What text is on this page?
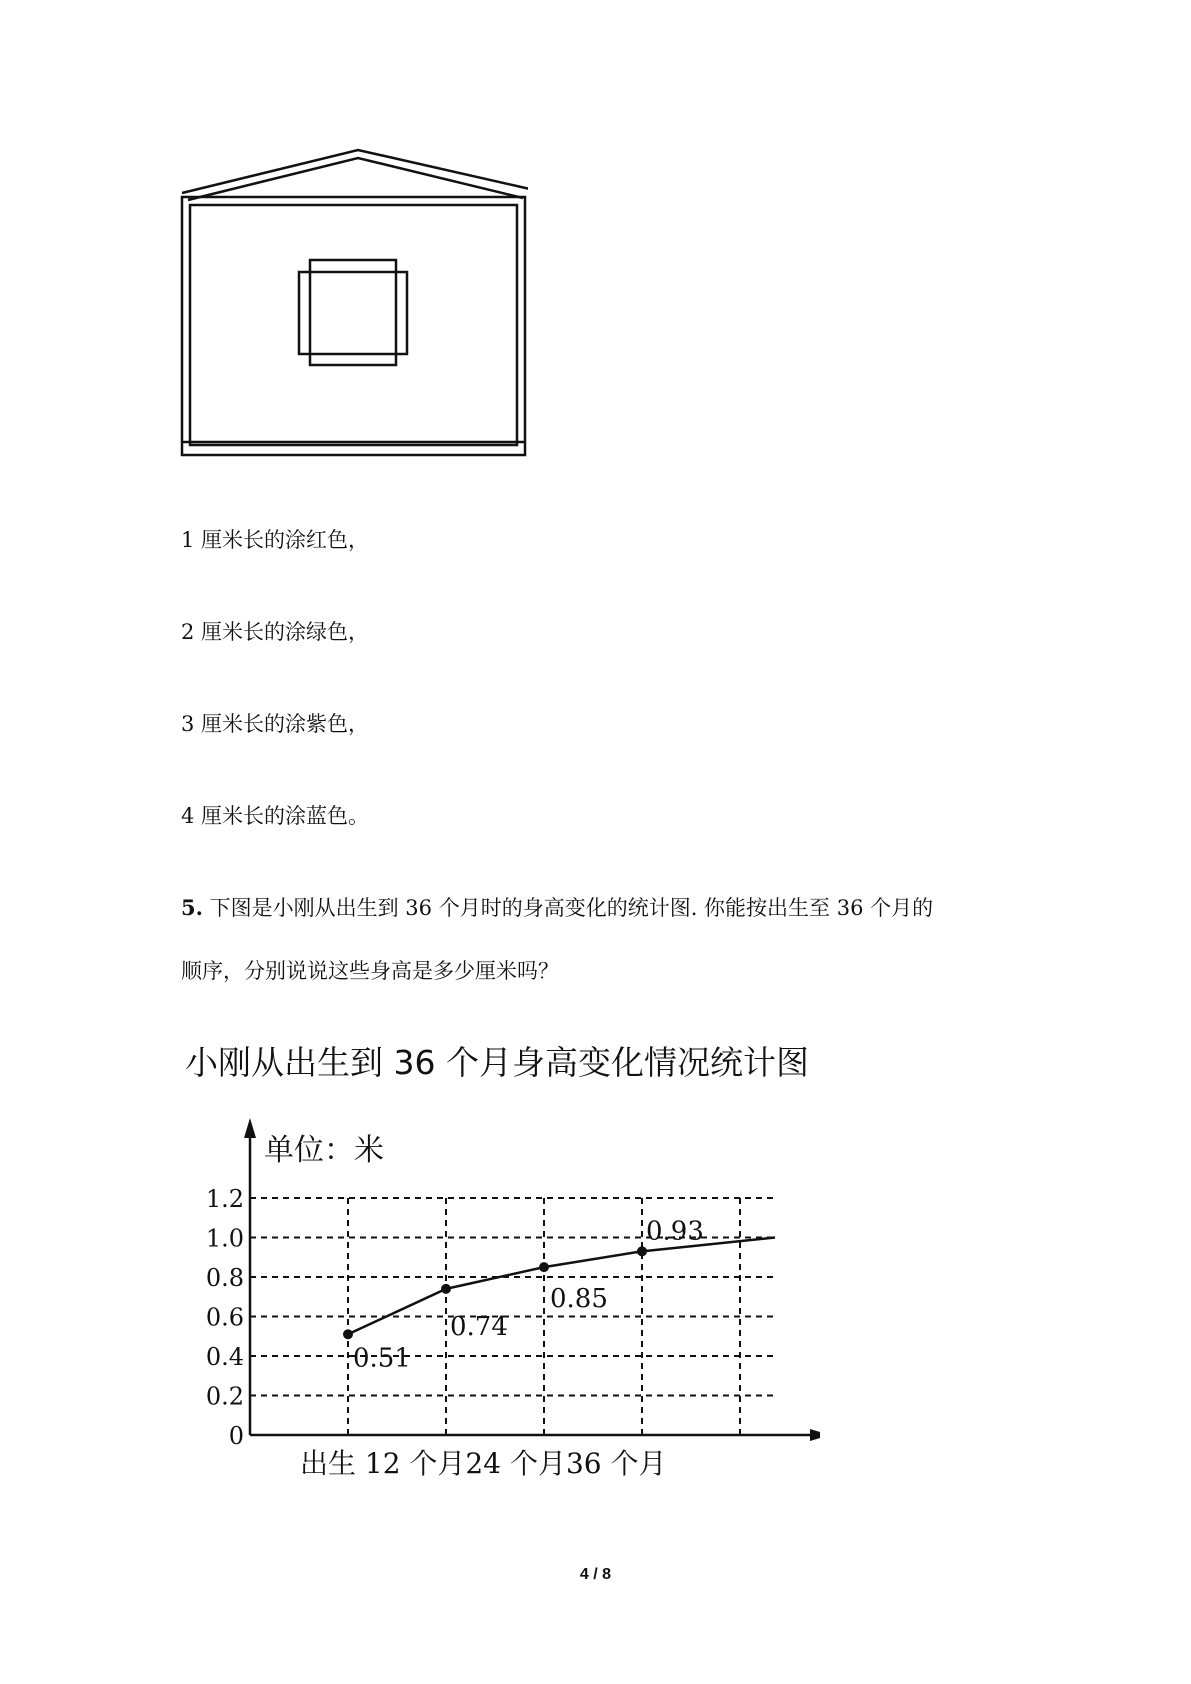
1 厘米长的涂红色，
2 厘米长的涂绿色，
3 厘米长的涂紫色，
4 厘米长的涂蓝色。
5. 下图是小刚从出生到 36 个月时的身高变化的统计图. 你能按出生至 36 个月的
顺序，分别说说这些身高是多少厘米吗？
小刚从出生到 36 个月身高变化情况统计图
0
0.2
0.4
0.6
0.8
1.0
1.2
单位：米
出生 12 个月24 个月36 个月
0.51
0.74
0.85
0.93
4 / 8
